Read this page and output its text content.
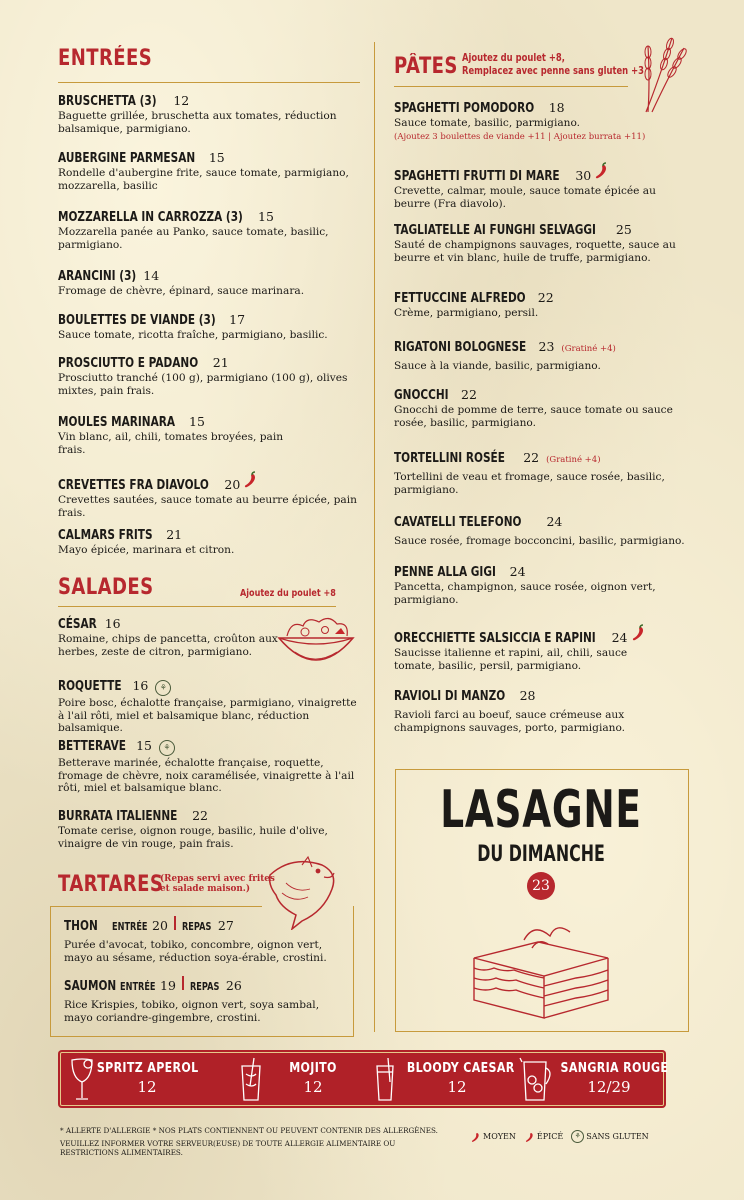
ENTRÉES
BRUSCHETTA (3) 12
Baguette grillée, bruschetta aux tomates, réduction balsamique, parmigiano.
AUBERGINE PARMESAN 15
Rondelle d'aubergine frite, sauce tomate, parmigiano, mozzarella, basilic
MOZZARELLA IN CARROZZA (3) 15
Mozzarella panée au Panko, sauce tomate, basilic, parmigiano.
ARANCINI (3) 14
Fromage de chèvre, épinard, sauce marinara.
BOULETTES DE VIANDE (3) 17
Sauce tomate, ricotta fraîche, parmigiano, basilic.
PROSCIUTTO E PADANO 21
Prosciutto tranché (100 g), parmigiano (100 g), olives mixtes, pain frais.
MOULES MARINARA 15
Vin blanc, ail, chili, tomates broyées, pain frais.
CREVETTES FRA DIAVOLO 20
Crevettes sautées, sauce tomate au beurre épicée, pain frais.
CALMARS FRITS 21
Mayo épicée, marinara et citron.
SALADES	Ajoutez du poulet +8
CÉSAR 16
Romaine, chips de pancetta, croûton aux herbes, zeste de citron, parmigiano.
ROQUETTE 16	⚘
Poire bosc, échalotte française, parmigiano, vinaigrette à l'ail rôti, miel et balsamique blanc, réduction balsamique.
BETTERAVE 15	⚘
Betterave marinée, échalotte française, roquette, fromage de chèvre, noix caramélisée, vinaigrette à l'ail rôti, miel et balsamique blanc.
BURRATA ITALIENNE 22
Tomate cerise, oignon rouge, basilic, huile d'olive, vinaigre de vin rouge, pain frais.
TARTARES
(Repas servi avec frites et salade maison.)
THON ENTRÉE 20 REPAS 27
Purée d'avocat, tobiko, concombre, oignon vert, mayo au sésame, réduction soya-érable, crostini.
SAUMON ENTRÉE 19 REPAS 26
Rice Krispies, tobiko, oignon vert, soya sambal, mayo coriandre-gingembre, crostini.
PÂTES Ajoutez du poulet +8,
Remplacez avec penne sans gluten +3
SPAGHETTI POMODORO 18
Sauce tomate, basilic, parmigiano.
(Ajoutez 3 boulettes de viande +11 | Ajoutez burrata +11)
SPAGHETTI FRUTTI DI MARE 30
Crevette, calmar, moule, sauce tomate épicée au beurre (Fra diavolo).
TAGLIATELLE AI FUNGHI SELVAGGI 25
Sauté de champignons sauvages, roquette, sauce au beurre et vin blanc, huile de truffe, parmigiano.
FETTUCCINE ALFREDO 22
Crème, parmigiano, persil.
RIGATONI BOLOGNESE 23 (Gratiné +4)
Sauce à la viande, basilic, parmigiano.
GNOCCHI 22
Gnocchi de pomme de terre, sauce tomate ou sauce rosée, basilic, parmigiano.
TORTELLINI ROSÉE 22 (Gratiné +4)
Tortellini de veau et fromage, sauce rosée, basilic, parmigiano.
CAVATELLI TELEFONO 24
Sauce rosée, fromage bocconcini, basilic, parmigiano.
PENNE ALLA GIGI 24
Pancetta, champignon, sauce rosée, oignon vert, parmigiano.
ORECCHIETTE SALSICCIA E RAPINI 24
Saucisse italienne et rapini, ail, chili, sauce tomate, basilic, persil, parmigiano.
RAVIOLI DI MANZO 28
Ravioli farci au boeuf, sauce crémeuse aux champignons sauvages, porto, parmigiano.
LASAGNE
DU DIMANCHE
23
SPRITZ APEROL
12
MOJITO
12
BLOODY CAESAR
12
SANGRIA ROUGE
12/29
* ALLERTE D'ALLERGIE * NOS PLATS CONTIENNENT OU PEUVENT CONTENIR DES ALLERGÈNES.
VEUILLEZ INFORMER VOTRE SERVEUR(EUSE) DE TOUTE ALLERGIE ALIMENTAIRE OU RESTRICTIONS ALIMENTAIRES.
MOYEN	ÉPICÉ	⚘ SANS GLUTEN
